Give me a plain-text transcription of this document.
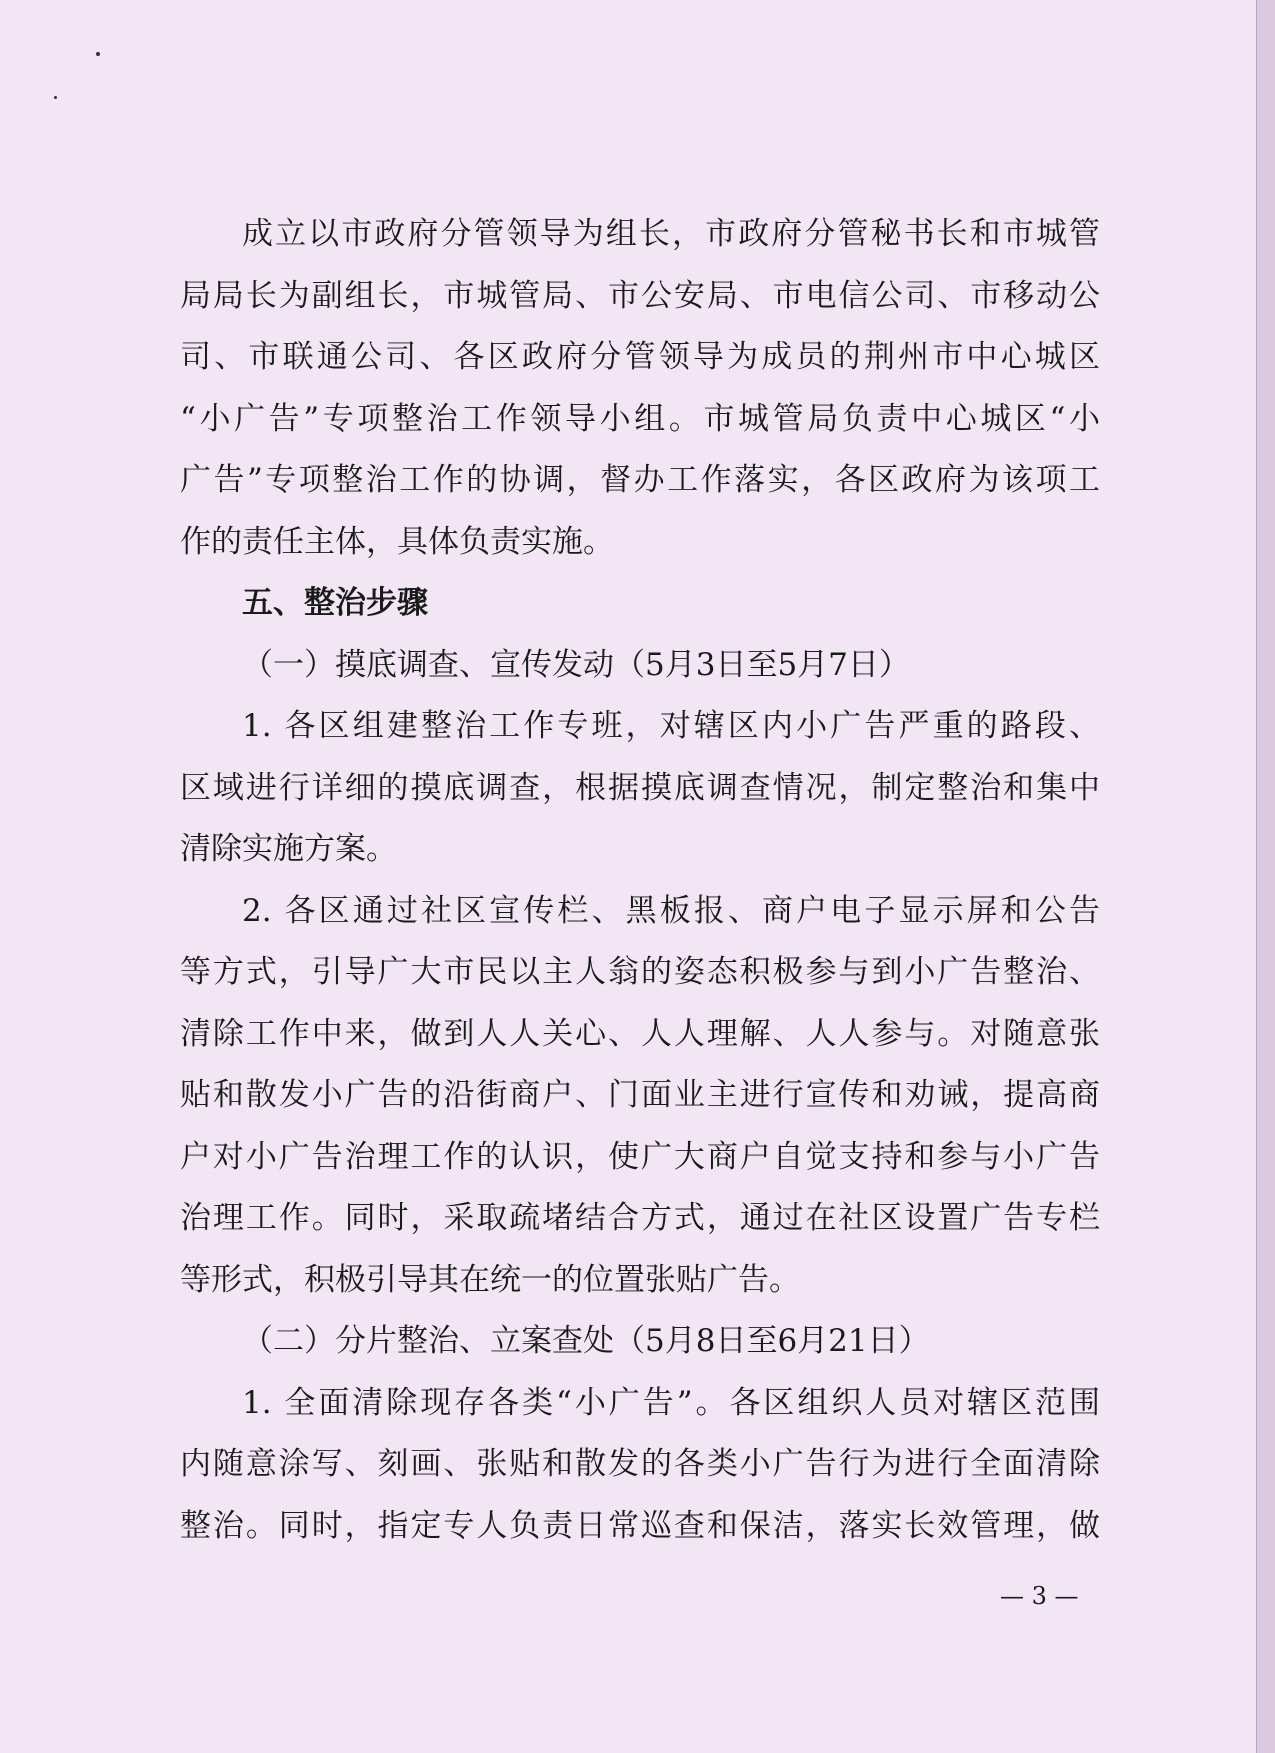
成立以市政府分管领导为组长，市政府分管秘书长和市城管
局局长为副组长，市城管局、市公安局、市电信公司、市移动公
司、市联通公司、各区政府分管领导为成员的荆州市中心城区
“小广告”专项整治工作领导小组。市城管局负责中心城区“小
广告”专项整治工作的协调，督办工作落实，各区政府为该项工
作的责任主体，具体负责实施。
五、整治步骤
（一）摸底调查、宣传发动（5月3日至5月7日）
1. 各区组建整治工作专班，对辖区内小广告严重的路段、
区域进行详细的摸底调查，根据摸底调查情况，制定整治和集中
清除实施方案。
2. 各区通过社区宣传栏、黑板报、商户电子显示屏和公告
等方式，引导广大市民以主人翁的姿态积极参与到小广告整治、
清除工作中来，做到人人关心、人人理解、人人参与。对随意张
贴和散发小广告的沿街商户、门面业主进行宣传和劝诫，提高商
户对小广告治理工作的认识，使广大商户自觉支持和参与小广告
治理工作。同时，采取疏堵结合方式，通过在社区设置广告专栏
等形式，积极引导其在统一的位置张贴广告。
（二）分片整治、立案查处（5月8日至6月21日）
1. 全面清除现存各类“小广告”。各区组织人员对辖区范围
内随意涂写、刻画、张贴和散发的各类小广告行为进行全面清除
整治。同时，指定专人负责日常巡查和保洁，落实长效管理，做
— 3 —
